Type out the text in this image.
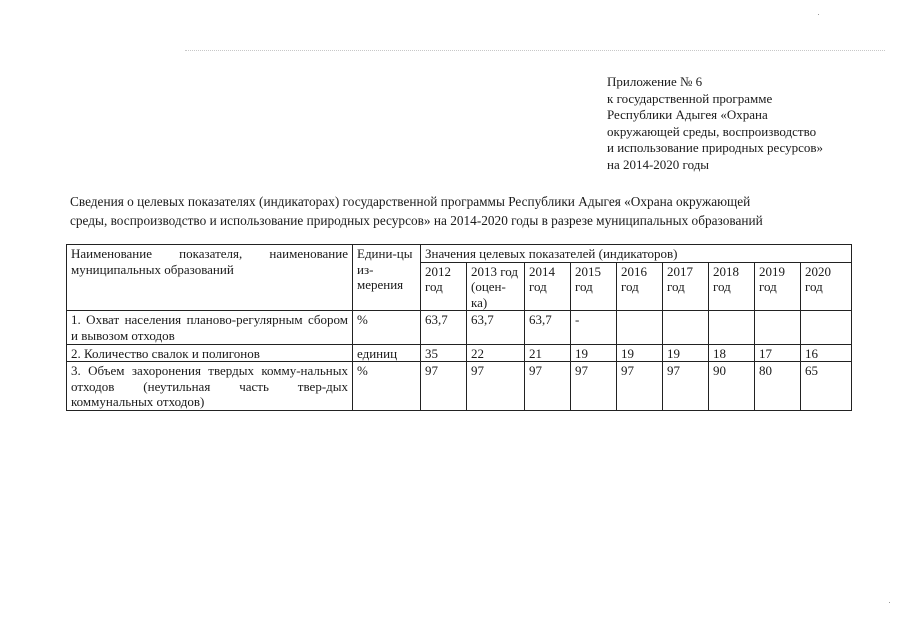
Приложение № 6
к государственной программе
Республики Адыгея «Охрана
окружающей среды, воспроизводство
и использование природных ресурсов»
на 2014-2020 годы
Сведения о целевых показателях (индикаторах) государственной программы Республики Адыгея «Охрана окружающей
среды, воспроизводство и использование природных ресурсов» на 2014-2020 годы в разрезе муниципальных образований
Наименование показателя, наименование муниципальных образований	Едини-цы из-мерения	Значения целевых показателей (индикаторов)								
		2012 год	2013 год (оцен-ка)	2014 год	2015 год	2016 год	2017 год	2018 год	2019 год	2020 год
1. Охват населения планово-регулярным сбором и вывозом отходов	%	63,7	63,7	63,7	-					
2. Количество свалок и полигонов	единиц	35	22	21	19	19	19	18	17	16
3. Объем захоронения твердых комму-нальных отходов (неутильная часть твер-дых коммунальных отходов)	%	97	97	97	97	97	97	90	80	65
